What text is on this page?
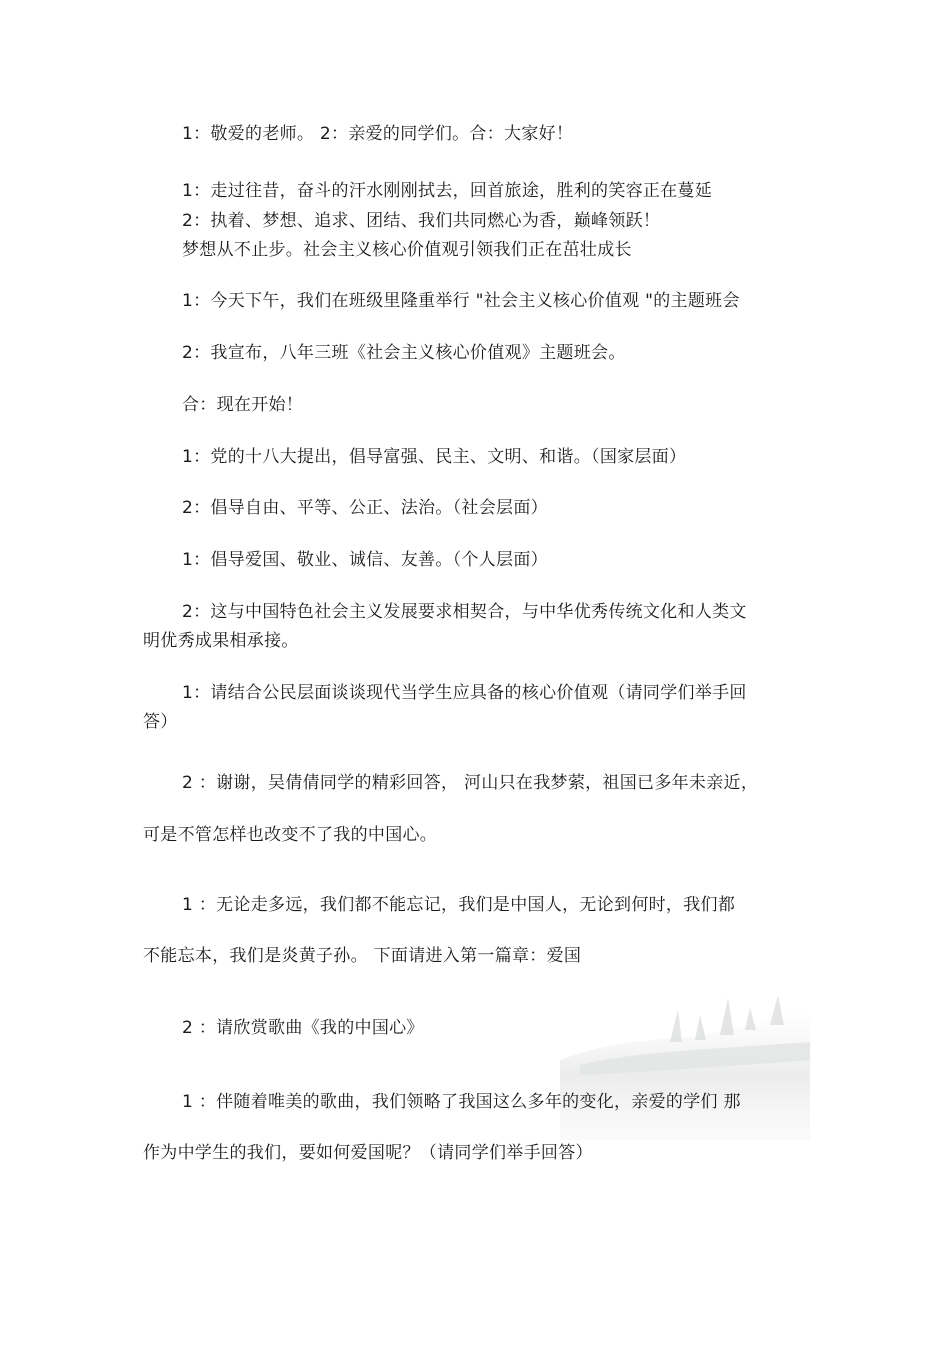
1：敬爱的老师。 2：亲爱的同学们。合：大家好！
1：走过往昔，奋斗的汗水刚刚拭去，回首旅途，胜利的笑容正在蔓延
2：执着、梦想、追求、团结、我们共同燃心为香，巅峰领跃！
梦想从不止步。社会主义核心价值观引领我们正在茁壮成长
1：今天下午，我们在班级里隆重举行 "社会主义核心价值观 "的主题班会
2：我宣布，八年三班《社会主义核心价值观》主题班会。
合：现在开始！
1：党的十八大提出，倡导富强、民主、文明、和谐。（国家层面）
2：倡导自由、平等、公正、法治。（社会层面）
1：倡导爱国、敬业、诚信、友善。（个人层面）
2：这与中国特色社会主义发展要求相契合，与中华优秀传统文化和人类文
明优秀成果相承接。
1：请结合公民层面谈谈现代当学生应具备的核心价值观（请同学们举手回
答）
2 ：谢谢，吴倩倩同学的精彩回答， 河山只在我梦萦，祖国已多年未亲近，
可是不管怎样也改变不了我的中国心。
1 ：无论走多远，我们都不能忘记，我们是中国人，无论到何时，我们都
不能忘本，我们是炎黄子孙。 下面请进入第一篇章：爱国
2 ：请欣赏歌曲《我的中国心》
1 ：伴随着唯美的歌曲，我们领略了我国这么多年的变化，亲爱的学们 那
作为中学生的我们，要如何爱国呢？（请同学们举手回答）
